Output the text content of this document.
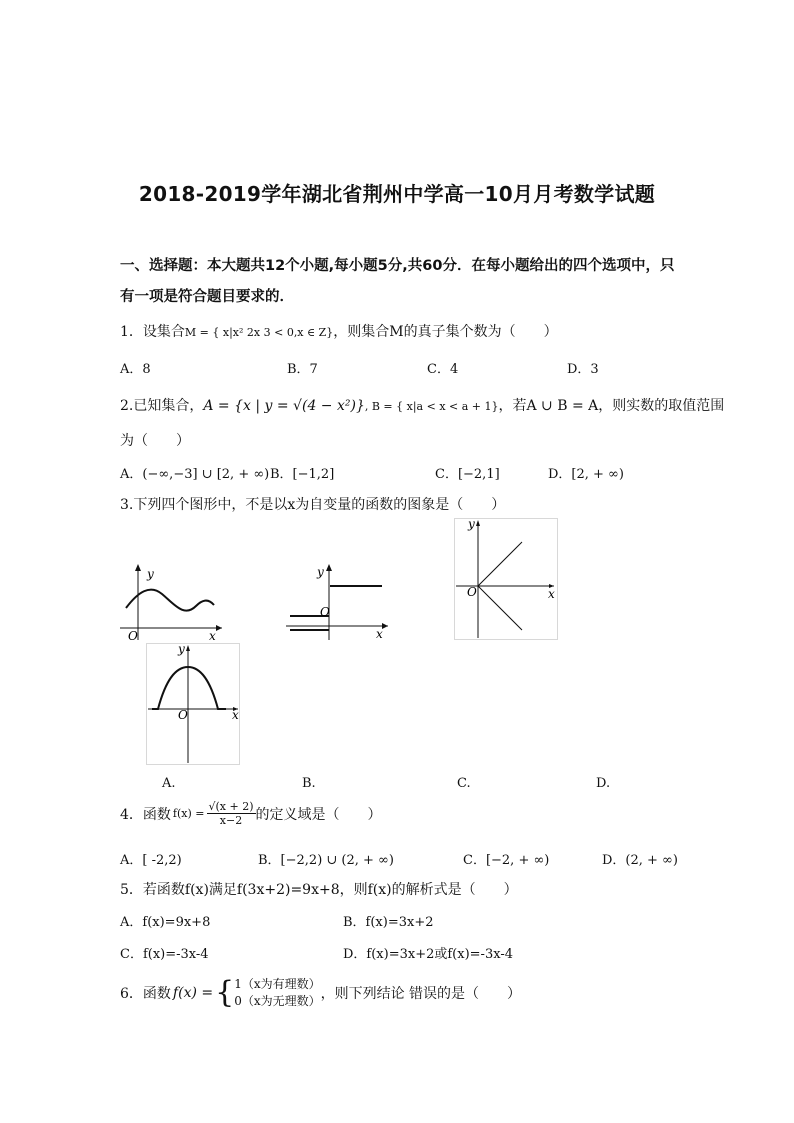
2018-2019学年湖北省荆州中学高一10月月考数学试题
一、选择题：本大题共12个小题,每小题5分,共60分．在每小题给出的四个选项中，只
有一项是符合题目要求的．
1．设集合M = { x|x² 2x 3 < 0,x ∈ Z}，则集合M的真子集个数为（　　）
A．8	B．7	C．4	D．3
2.已知集合，A = {x | y = √(4 − x²)}, B = { x|a < x < a + 1}，若A ∪ B = A，则实数的取值范围
为（　　）
A．(−∞,−3] ∪ [2, + ∞) B．[−1,2]	C．[−2,1]	D．[2, + ∞)
3.下列四个图形中，不是以x为自变量的函数的图象是（　　）
y
x
O
y
x
O
y
x
O
y
x
O
A.	B.	C.	D.
4．函数 $f(x) = \frac{√(x + 2)}{x-2}$ 的定义域是（　　）
A．[ -2,2)	B．[−2,2) ∪ (2, + ∞)	C．[−2, + ∞)	D．(2, + ∞)
5．若函数f(x)满足f(3x+2)=9x+8，则f(x)的解析式是（　　）
A．f(x)=9x+8	B．f(x)=3x+2
C．f(x)=-3x-4	D．f(x)=3x+2或f(x)=-3x-4
6．函数 f(x) = { 1（x为有理数）
0（x为无理数） ，则下列结论 错误的是（　　）
